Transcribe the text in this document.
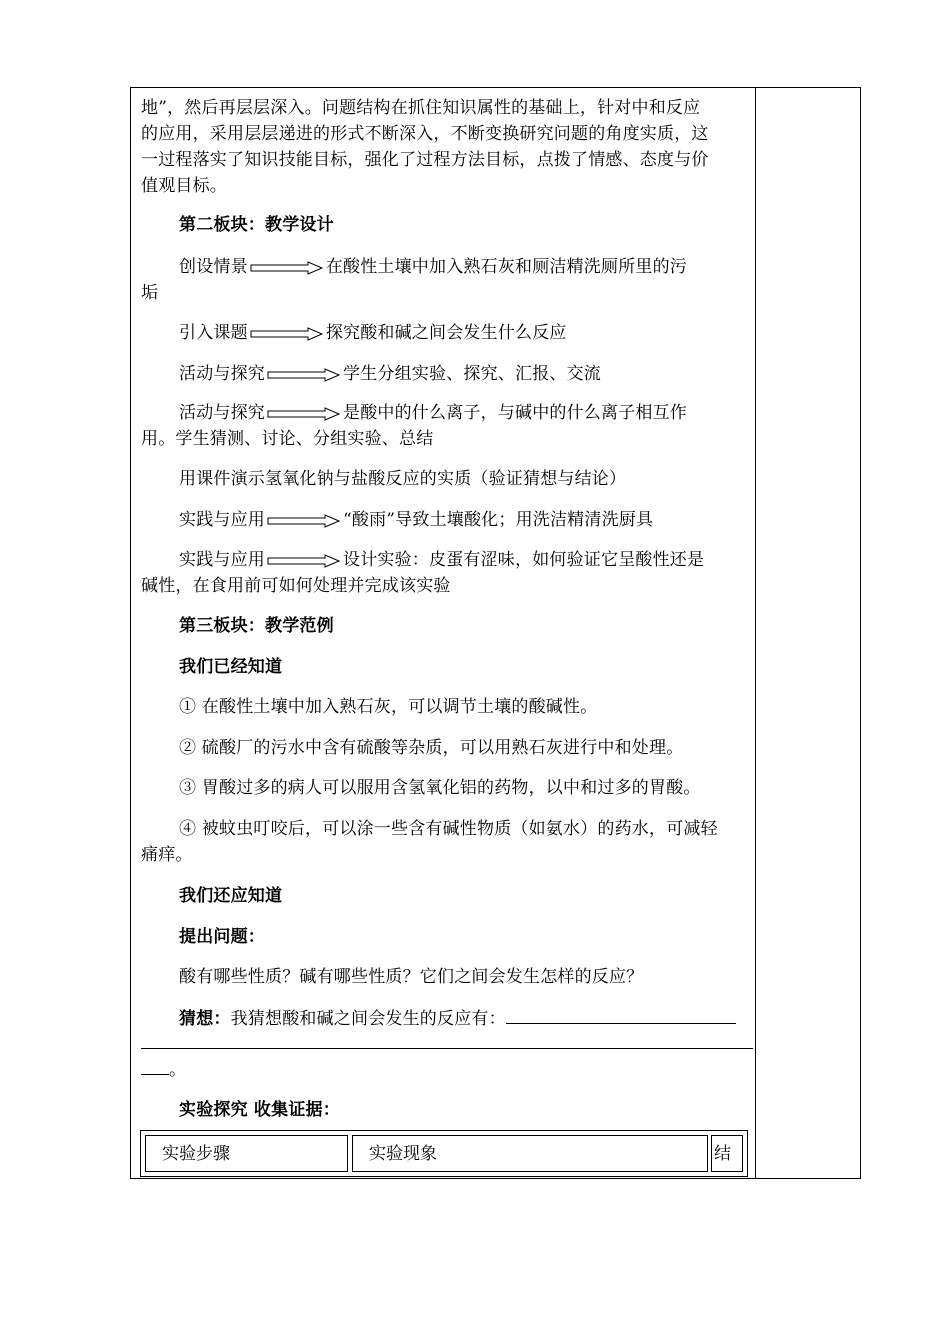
地”，然后再层层深入。问题结构在抓住知识属性的基础上，针对中和反应
的应用，采用层层递进的形式不断深入，不断变换研究问题的角度实质，这
一过程落实了知识技能目标，强化了过程方法目标，点拨了情感、态度与价
值观目标。
第二板块：教学设计
创设情景	在酸性土壤中加入熟石灰和厕洁精洗厕所里的污
垢
引入课题	探究酸和碱之间会发生什么反应
活动与探究	学生分组实验、探究、汇报、交流
活动与探究	是酸中的什么离子，与碱中的什么离子相互作
用。学生猜测、讨论、分组实验、总结
用课件演示氢氧化钠与盐酸反应的实质（验证猜想与结论）
实践与应用	“酸雨”导致土壤酸化；用洗洁精清洗厨具
实践与应用	设计实验：皮蛋有涩味，如何验证它呈酸性还是
碱性，在食用前可如何处理并完成该实验
第三板块：教学范例
我们已经知道
① 在酸性土壤中加入熟石灰，可以调节土壤的酸碱性。
② 硫酸厂的污水中含有硫酸等杂质，可以用熟石灰进行中和处理。
③ 胃酸过多的病人可以服用含氢氧化铝的药物，以中和过多的胃酸。
④ 被蚊虫叮咬后，可以涂一些含有碱性物质（如氨水）的药水，可减轻
痛痒。
我们还应知道
提出问题：
酸有哪些性质？碱有哪些性质？它们之间会发生怎样的反应？
猜想：我猜想酸和碱之间会发生的反应有：
。
实验探究 收集证据：
实验步骤	实验现象	结
